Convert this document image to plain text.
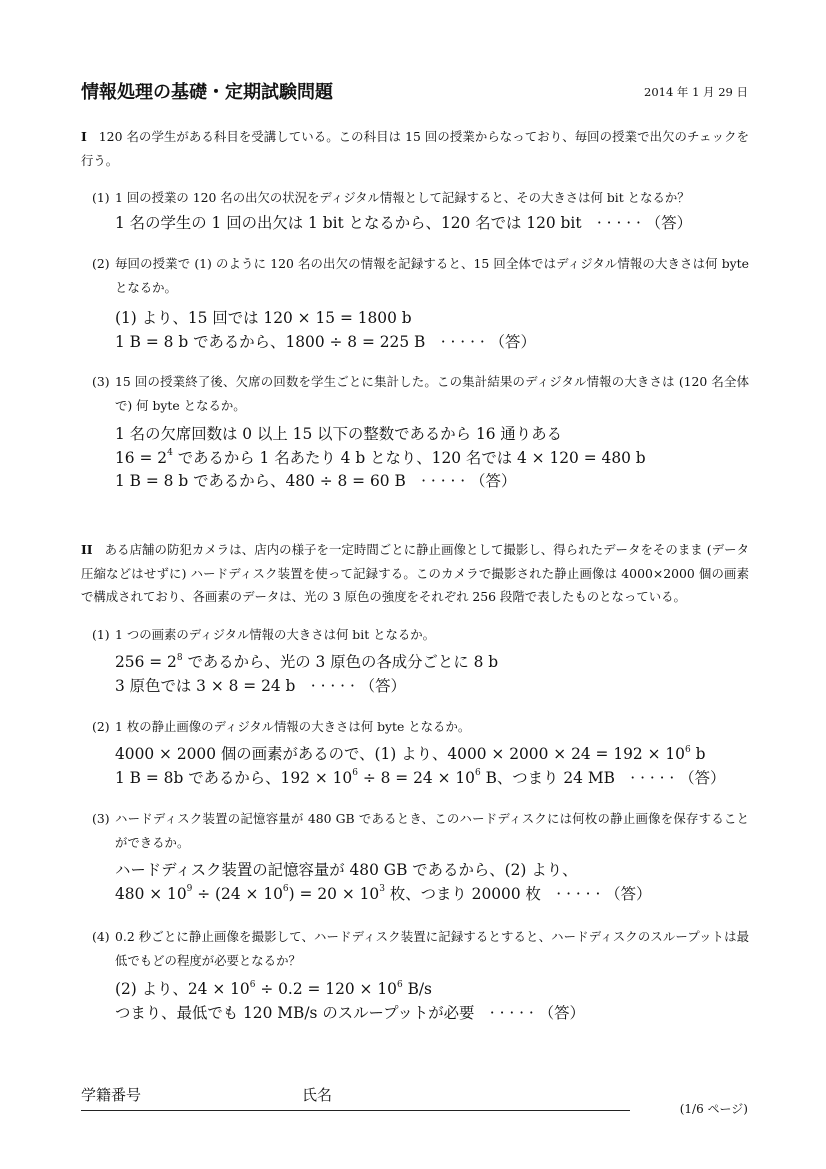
情報処理の基礎・定期試験問題	2014 年 1 月 29 日
I 120 名の学生がある科目を受講している。この科目は 15 回の授業からなっており、毎回の授業で出欠のチェックを行う。
(1) 1 回の授業の 120 名の出欠の状況をディジタル情報として記録すると、その大きさは何 bit となるか？
1 名の学生の 1 回の出欠は 1 bit となるから、120 名では 120 bit　· · · · · （答）
(2) 毎回の授業で (1) のように 120 名の出欠の情報を記録すると、15 回全体ではディジタル情報の大きさは何 byte となるか。
(1) より、15 回では 120 × 15 = 1800 b
1 B = 8 b であるから、1800 ÷ 8 = 225 B　· · · · · （答）
(3) 15 回の授業終了後、欠席の回数を学生ごとに集計した。この集計結果のディジタル情報の大きさは (120 名全体で) 何 byte となるか。
1 名の欠席回数は 0 以上 15 以下の整数であるから 16 通りある
$16 = 2^4$ であるから 1 名あたり 4 b となり、120 名では 4 × 120 = 480 b
1 B = 8 b であるから、480 ÷ 8 = 60 B　· · · · · （答）
II ある店舗の防犯カメラは、店内の様子を一定時間ごとに静止画像として撮影し、得られたデータをそのまま (データ圧縮などはせずに) ハードディスク装置を使って記録する。このカメラで撮影された静止画像は 4000×2000 個の画素で構成されており、各画素のデータは、光の 3 原色の強度をそれぞれ 256 段階で表したものとなっている。
(1) 1 つの画素のディジタル情報の大きさは何 bit となるか。
$256 = 2^8$ であるから、光の 3 原色の各成分ごとに 8 b
3 原色では 3 × 8 = 24 b　· · · · · （答）
(2) 1 枚の静止画像のディジタル情報の大きさは何 byte となるか。
4000 × 2000 個の画素があるので、(1) より、$4000 \times 2000 \times 24 = 192 \times 10^6$ b
1 B = 8b であるから、$192 \times 10^6 \div 8 = 24 \times 10^6$ B、つまり 24 MB　· · · · · （答）
(3) ハードディスク装置の記憶容量が 480 GB であるとき、このハードディスクには何枚の静止画像を保存することができるか。
ハードディスク装置の記憶容量が 480 GB であるから、(2) より、
$480 \times 10^9 \div (24 \times 10^6) = 20 \times 10^3$ 枚、つまり 20000 枚　· · · · · （答）
(4) 0.2 秒ごとに静止画像を撮影して、ハードディスク装置に記録するとすると、ハードディスクのスループットは最低でもどの程度が必要となるか？
(2) より、$24 \times 10^6 \div 0.2 = 120 \times 10^6$ B/s
つまり、最低でも 120 MB/s のスループットが必要　· · · · · （答）
学籍番号	氏名
(1/6 ページ)
